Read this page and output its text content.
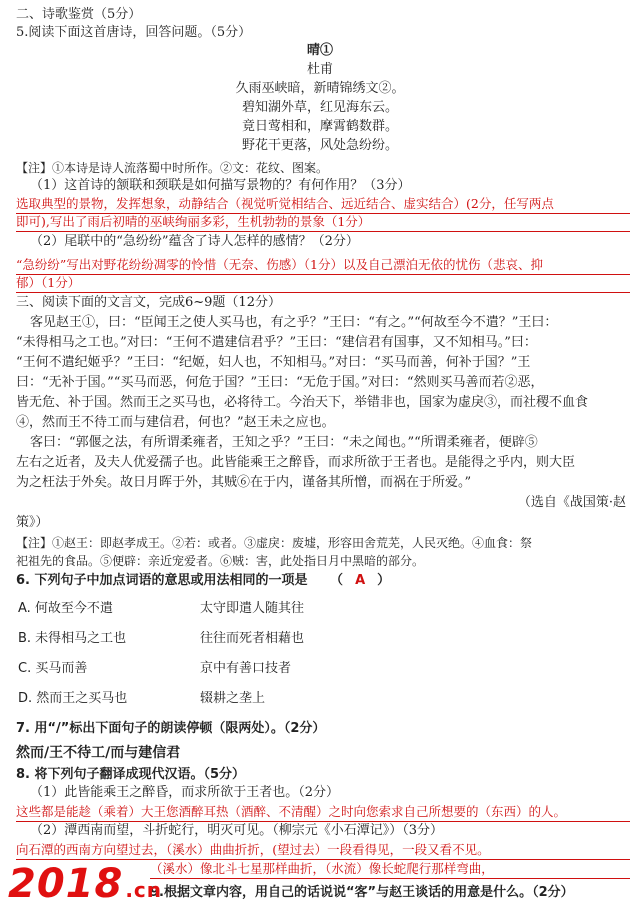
二、诗歌鉴赏（5分）
5.阅读下面这首唐诗，回答问题。（5分）
晴①
杜甫
久雨巫峡暗，新晴锦绣文②。
碧知湖外草，红见海东云。
竟日莺相和，摩霄鹤数群。
野花干更落，风处急纷纷。
【注】①本诗是诗人流落蜀中时所作。②文：花纹、图案。
（1）这首诗的颔联和颈联是如何描写景物的？有何作用？（3分）
选取典型的景物，发挥想象，动静结合（视觉听觉相结合、远近结合、虚实结合）(2分，任写两点
即可),写出了雨后初晴的巫峡绚丽多彩，生机勃勃的景象（1分）
（2）尾联中的“急纷纷”蕴含了诗人怎样的感情？（2分）
“急纷纷”写出对野花纷纷凋零的怜惜（无奈、伤感）（1分）以及自己漂泊无依的忧伤（悲哀、抑
郁）（1分）
三、阅读下面的文言文，完成6~9题（12分）
客见赵王①，曰：“臣闻王之使人买马也，有之乎？”王曰：“有之。”“何故至今不遣？”王曰：
“未得相马之工也。”对曰：“王何不遣建信君乎？”王曰：“建信君有国事，又不知相马。”曰：
“王何不遣纪姬乎？”王曰：“纪姬，妇人也，不知相马。”对曰：“买马而善，何补于国？”王
曰：“无补于国。”“买马而恶，何危于国？”王曰：“无危于国。”对曰：“然则买马善而若②恶，
皆无危、补于国。然而王之买马也，必将待工。今治天下，举错非也，国家为虚戾③，而社稷不血食
④，然而王不待工而与建信君，何也？”赵王未之应也。
客曰：“郭偃之法，有所谓柔雍者，王知之乎？”王曰：“未之闻也。”“所谓柔雍者，便辟⑤
左右之近者，及夫人优爱孺子也。此皆能乘王之醉昏，而求所欲于王者也。是能得之乎内，则大臣
为之枉法于外矣。故日月晖于外，其贼⑥在于内，谨备其所憎，而祸在于所爱。”
（选自《战国策·赵
策》）
【注】①赵王：即赵孝成王。②若：或者。③虚戾：废墟，形容田舍荒芜，人民灭绝。④血食：祭
祀祖先的食品。⑤便辟：亲近宠爱者。⑥贼：害，此处指日月中黑暗的部分。
6. 下列句子中加点词语的意思或用法相同的一项是 （ A ）
A. 何故至今不遣	太守即遣人随其往
B. 未得相马之工也	往往而死者相藉也
C. 买马而善	京中有善口技者
D. 然而王之买马也	辍耕之垄上
7. 用“/”标出下面句子的朗读停顿（限两处）。（2分）
然而/王不待工/而与建信君
8. 将下列句子翻译成现代汉语。（5分）
（1）此皆能乘王之醉昏，而求所欲于王者也。（2分）
这些都是能趁（乘着）大王您酒醉耳热（酒醉、不清醒）之时向您索求自己所想要的（东西）的人。
（2）潭西南而望，斗折蛇行，明灭可见。（柳宗元《小石潭记》）（3分）
向石潭的西南方向望过去，（溪水）曲曲折折，(望过去）一段看得见，一段又看不见。
（溪水）像北斗七星那样曲折，（水流）像长蛇爬行那样弯曲，
9.根据文章内容，用自己的话说说“客”与赵王谈话的用意是什么。（2分）
2018 .cn
